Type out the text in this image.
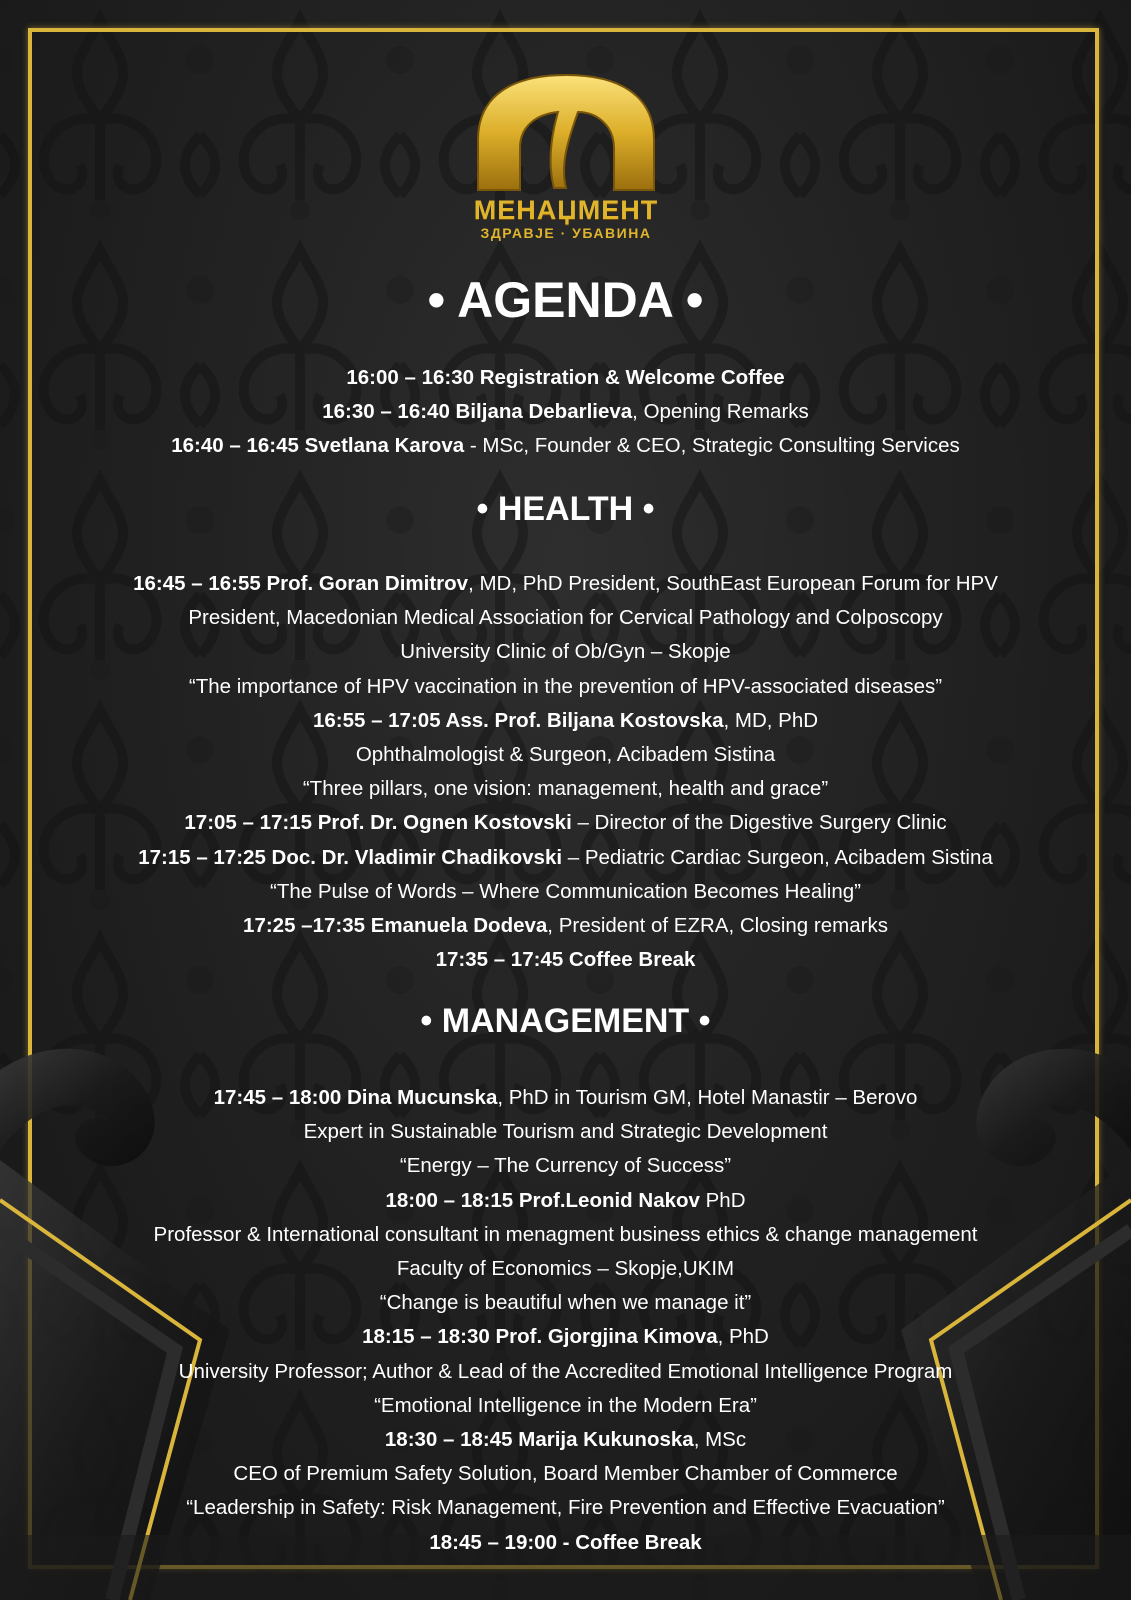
МЕНАЏМЕНТ
ЗДРАВЈЕ · УБАВИНА
• AGENDA •
16:00 – 16:30 Registration & Welcome Coffee
16:30 – 16:40 Biljana Debarlieva, Opening Remarks
16:40 – 16:45 Svetlana Karova - MSc, Founder & CEO, Strategic Consulting Services
• HEALTH •
16:45 – 16:55 Prof. Goran Dimitrov, MD, PhD President, SouthEast European Forum for HPV
President, Macedonian Medical Association for Cervical Pathology and Colposcopy
University Clinic of Ob/Gyn – Skopje
“The importance of HPV vaccination in the prevention of HPV-associated diseases”
16:55 – 17:05 Ass. Prof. Biljana Kostovska, MD, PhD
Ophthalmologist & Surgeon, Acibadem Sistina
“Three pillars, one vision: management, health and grace”
17:05 – 17:15 Prof. Dr. Ognen Kostovski – Director of the Digestive Surgery Clinic
17:15 – 17:25 Doc. Dr. Vladimir Chadikovski – Pediatric Cardiac Surgeon, Acibadem Sistina
“The Pulse of Words – Where Communication Becomes Healing”
17:25 –17:35 Emanuela Dodeva, President of EZRA, Closing remarks
17:35 – 17:45 Coffee Break
• MANAGEMENT •
17:45 – 18:00 Dina Mucunska, PhD in Tourism GM, Hotel Manastir – Berovo
Expert in Sustainable Tourism and Strategic Development
“Energy – The Currency of Success”
18:00 – 18:15 Prof.Leonid Nakov PhD
Professor & International consultant in menagment business ethics & change management
Faculty of Economics – Skopje,UKIM
“Change is beautiful when we manage it”
18:15 – 18:30 Prof. Gjorgjina Kimova, PhD
University Professor; Author & Lead of the Accredited Emotional Intelligence Program
“Emotional Intelligence in the Modern Era”
18:30 – 18:45 Marija Kukunoska, MSc
CEO of Premium Safety Solution, Board Member Chamber of Commerce
“Leadership in Safety: Risk Management, Fire Prevention and Effective Evacuation”
18:45 – 19:00 - Coffee Break
